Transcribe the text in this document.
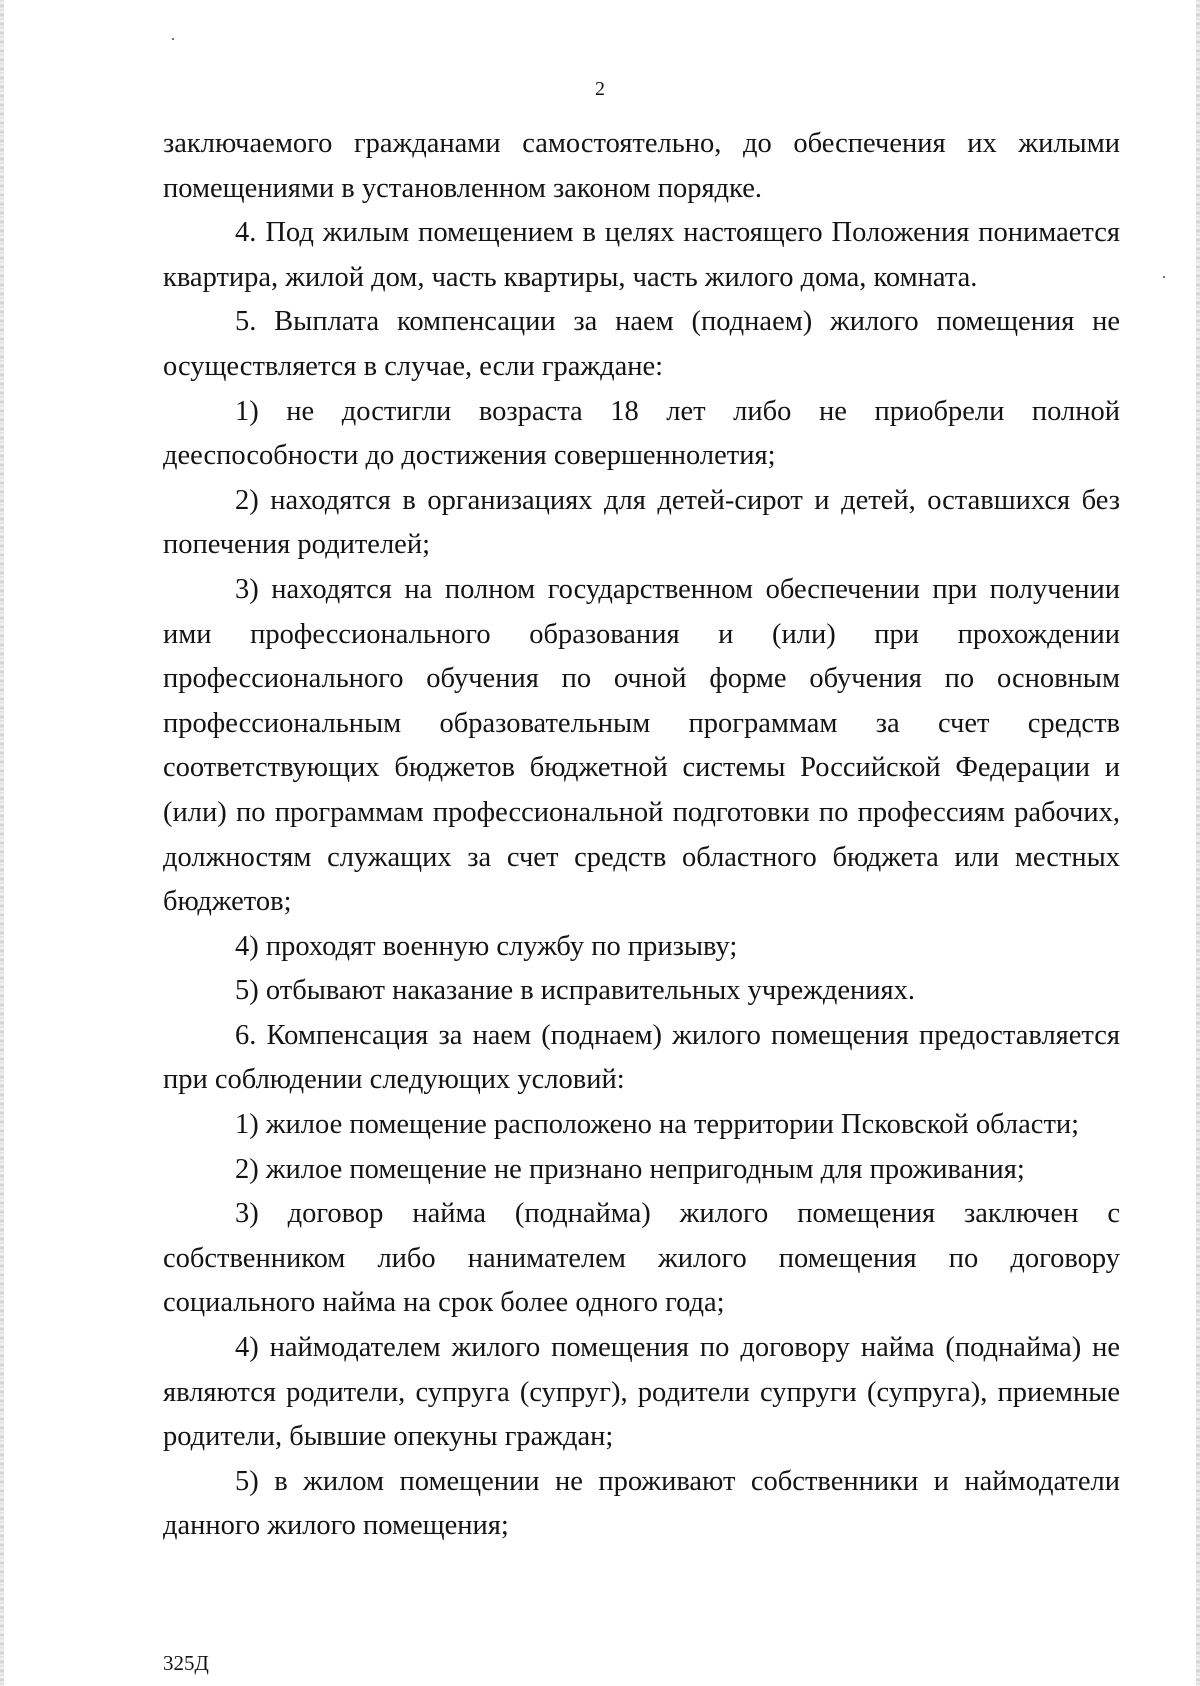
2

заключаемого гражданами самостоятельно, до обеспечения их жилыми помещениями в установленном законом порядке.

4. Под жилым помещением в целях настоящего Положения понимается квартира, жилой дом, часть квартиры, часть жилого дома, комната.

5. Выплата компенсации за наем (поднаем) жилого помещения не осуществляется в случае, если граждане:

1) не достигли возраста 18 лет либо не приобрели полной дееспособности до достижения совершеннолетия;

2) находятся в организациях для детей-сирот и детей, оставшихся без попечения родителей;

3) находятся на полном государственном обеспечении при получении ими профессионального образования и (или) при прохождении профессионального обучения по очной форме обучения по основным профессиональным образовательным программам за счет средств соответствующих бюджетов бюджетной системы Российской Федерации и (или) по программам профессиональной подготовки по профессиям рабочих, должностям служащих за счет средств областного бюджета или местных бюджетов;

4) проходят военную службу по призыву;

5) отбывают наказание в исправительных учреждениях.

6. Компенсация за наем (поднаем) жилого помещения предоставляется при соблюдении следующих условий:

1) жилое помещение расположено на территории Псковской области;

2) жилое помещение не признано непригодным для проживания;

3) договор найма (поднайма) жилого помещения заключен с собственником либо нанимателем жилого помещения по договору социального найма на срок более одного года;

4) наймодателем жилого помещения по договору найма (поднайма) не являются родители, супруга (супруг), родители супруги (супруга), приемные родители, бывшие опекуны граждан;

5) в жилом помещении не проживают собственники и наймодатели данного жилого помещения;

325Д
